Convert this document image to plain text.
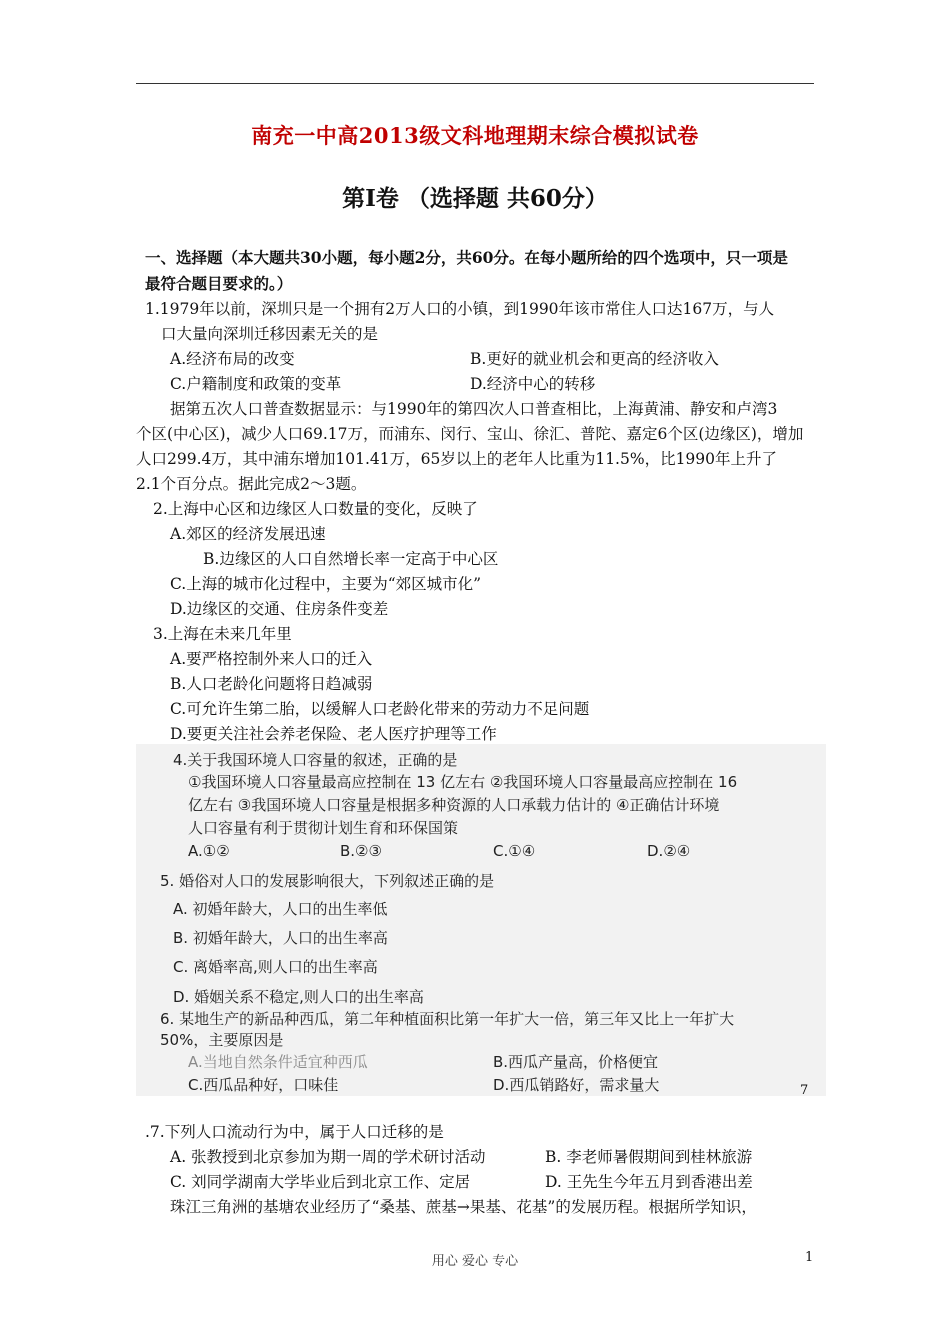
南充一中高2013级文科地理期末综合模拟试卷
第Ⅰ卷 （选择题 共60分）
一、选择题（本大题共30小题，每小题2分，共60分。在每小题所给的四个选项中，只一项是
最符合题目要求的。）
1.1979年以前，深圳只是一个拥有2万人口的小镇，到1990年该市常住人口达167万，与人
口大量向深圳迁移因素无关的是
A.经济布局的改变	B.更好的就业机会和更高的经济收入
C.户籍制度和政策的变革	D.经济中心的转移
据第五次人口普查数据显示：与1990年的第四次人口普查相比，上海黄浦、静安和卢湾3
个区(中心区)，减少人口69.17万，而浦东、闵行、宝山、徐汇、普陀、嘉定6个区(边缘区)，增加
人口299.4万，其中浦东增加101.41万，65岁以上的老年人比重为11.5%，比1990年上升了
2.1个百分点。据此完成2～3题。
2.上海中心区和边缘区人口数量的变化，反映了
A.郊区的经济发展迅速
B.边缘区的人口自然增长率一定高于中心区
C.上海的城市化过程中，主要为“郊区城市化”
D.边缘区的交通、住房条件变差
3.上海在未来几年里
A.要严格控制外来人口的迁入
B.人口老龄化问题将日趋减弱
C.可允许生第二胎，以缓解人口老龄化带来的劳动力不足问题
D.要更关注社会养老保险、老人医疗护理等工作
4.关于我国环境人口容量的叙述，正确的是
①我国环境人口容量最高应控制在 13 亿左右 ②我国环境人口容量最高应控制在 16
亿左右 ③我国环境人口容量是根据多种资源的人口承载力估计的 ④正确估计环境
人口容量有利于贯彻计划生育和环保国策
A.①②	B.②③	C.①④	D.②④
5. 婚俗对人口的发展影响很大，下列叙述正确的是
A. 初婚年龄大，人口的出生率低
B. 初婚年龄大，人口的出生率高
C. 离婚率高,则人口的出生率高
D. 婚姻关系不稳定,则人口的出生率高
6. 某地生产的新品种西瓜，第二年种植面积比第一年扩大一倍，第三年又比上一年扩大
50%，主要原因是
A.当地自然条件适宜种西瓜	B.西瓜产量高，价格便宜
C.西瓜品种好，口味佳	D.西瓜销路好，需求量大	7
.7.下列人口流动行为中，属于人口迁移的是
A. 张教授到北京参加为期一周的学术研讨活动	B. 李老师暑假期间到桂林旅游
C. 刘同学湖南大学毕业后到北京工作、定居	D. 王先生今年五月到香港出差
珠江三角洲的基塘农业经历了“桑基、蔗基→果基、花基”的发展历程。根据所学知识，
用心 爱心 专心	1
